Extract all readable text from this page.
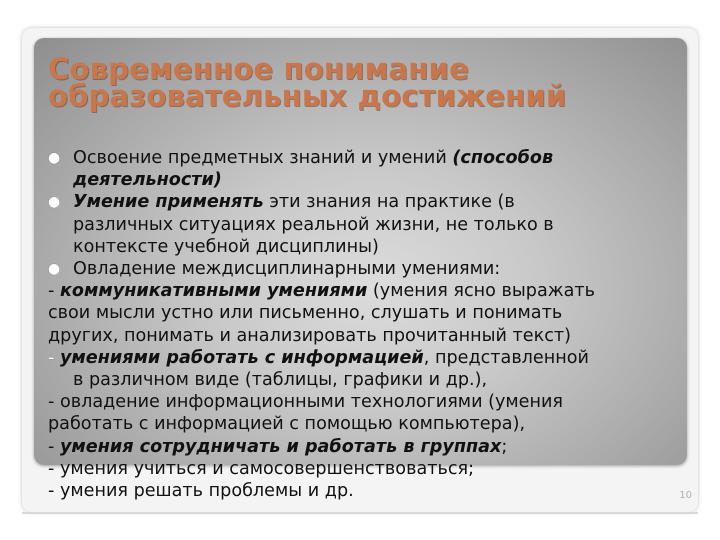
Современное понимание
образовательных достижений
● Освоение предметных знаний и умений (способов
деятельности)
● Умение применять эти знания на практике (в
различных ситуациях реальной жизни, не только в
контексте учебной дисциплины)
● Овладение междисциплинарными умениями:
- коммуникативными умениями (умения ясно выражать
свои мысли устно или письменно, слушать и понимать
других, понимать и анализировать прочитанный текст)
- умениями работать с информацией, представленной
в различном виде (таблицы, графики и др.),
- овладение информационными технологиями (умения
работать с информацией с помощью компьютера),
- умения сотрудничать и работать в группах;
- умения учиться и самосовершенствоваться;
- умения решать проблемы и др.	10
